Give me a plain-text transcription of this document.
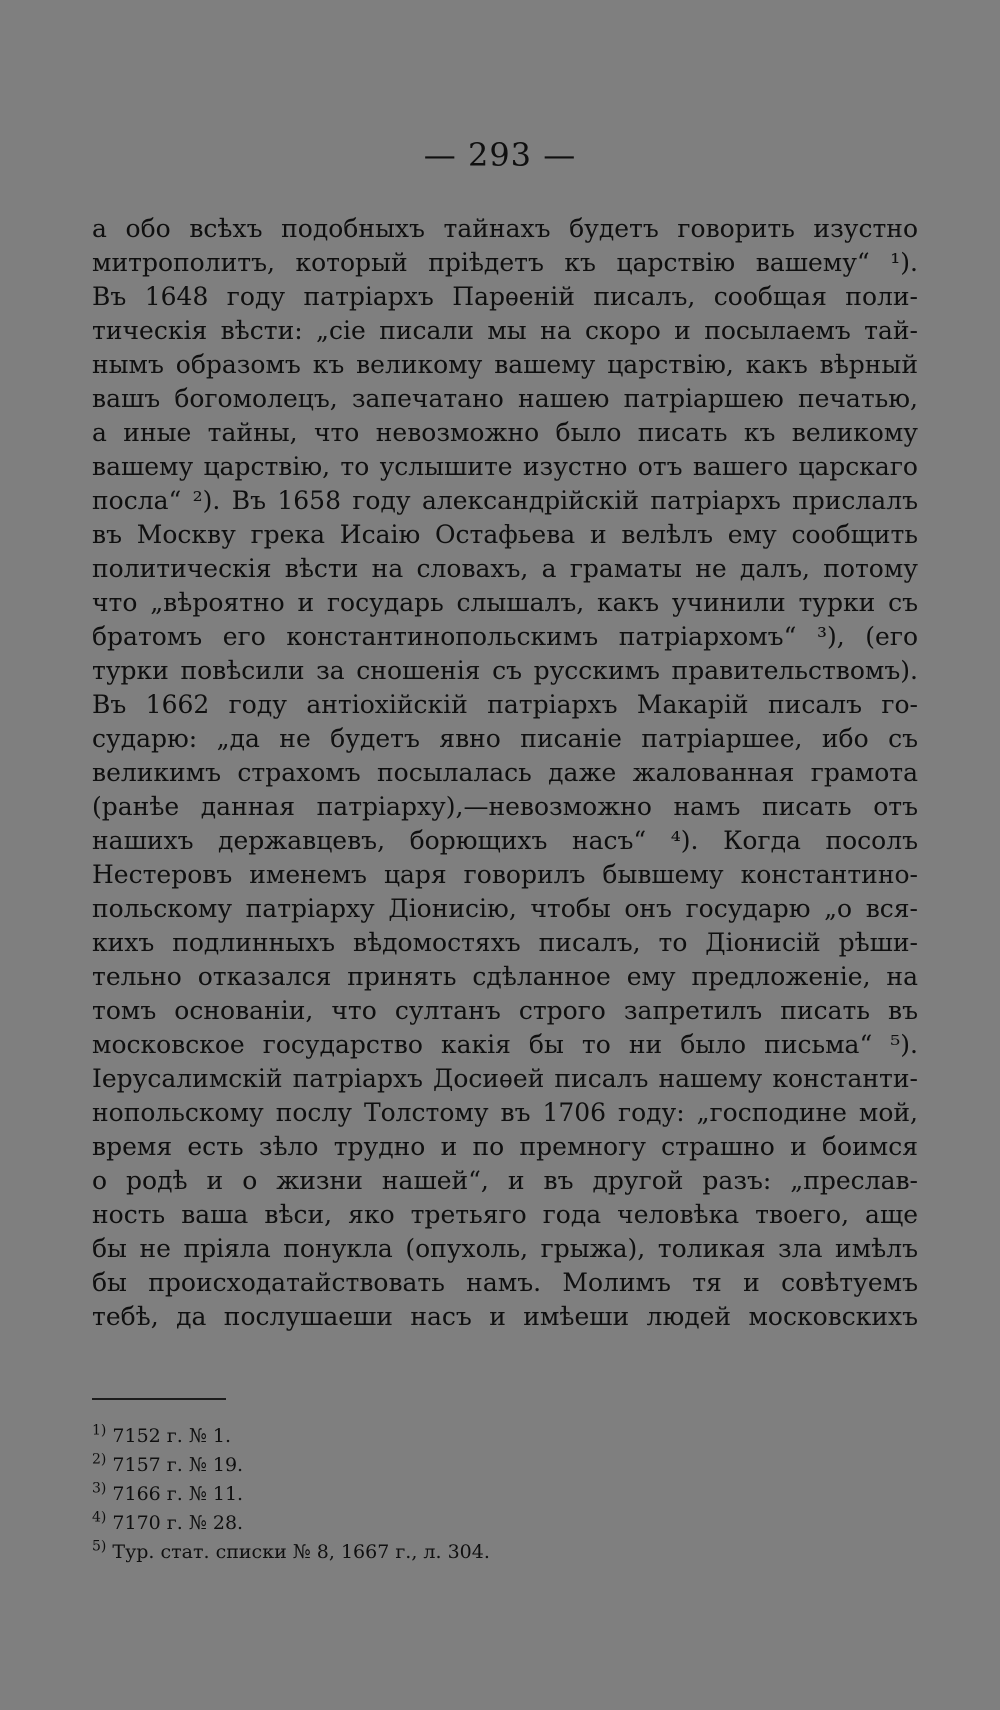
— 293 —
а обо всѣхъ подобныхъ тайнахъ будетъ говорить изустно
митрополитъ, который пріѣдетъ къ царствію вашему“ ¹).
Въ 1648 году патріархъ Парѳеній писалъ, сообщая поли-
тическія вѣсти: „сіе писали мы на скоро и посылаемъ тай-
нымъ образомъ къ великому вашему царствію, какъ вѣрный
вашъ богомолецъ, запечатано нашею патріаршею печатью,
а иные тайны, что невозможно было писать къ великому
вашему царствію, то услышите изустно отъ вашего царскаго
посла“ ²). Въ 1658 году александрійскій патріархъ прислалъ
въ Москву грека Исаію Остафьева и велѣлъ ему сообщить
политическія вѣсти на словахъ, а граматы не далъ, потому
что „вѣроятно и государь слышалъ, какъ учинили турки съ
братомъ его константинопольскимъ патріархомъ“ ³), (его
турки повѣсили за сношенія съ русскимъ правительствомъ).
Въ 1662 году антіохійскій патріархъ Макарій писалъ го-
сударю: „да не будетъ явно писаніе патріаршее, ибо съ
великимъ страхомъ посылалась даже жалованная грамота
(ранѣе данная патріарху),—невозможно намъ писать отъ
нашихъ державцевъ, борющихъ насъ“ ⁴). Когда посолъ
Нестеровъ именемъ царя говорилъ бывшему константино-
польскому патріарху Діонисію, чтобы онъ государю „о вся-
кихъ подлинныхъ вѣдомостяхъ писалъ, то Діонисій рѣши-
тельно отказался принять сдѣланное ему предложеніе, на
томъ основаніи, что султанъ строго запретилъ писать въ
московское государство какія бы то ни было письма“ ⁵).
Іерусалимскій патріархъ Досиѳей писалъ нашему константи-
нопольскому послу Толстому въ 1706 году: „господине мой,
время есть зѣло трудно и по премногу страшно и боимся
о родѣ и о жизни нашей“, и въ другой разъ: „преслав-
ность ваша вѣси, яко третьяго года человѣка твоего, аще
бы не пріяла понукла (опухоль, грыжа), толикая зла имѣлъ
бы происходатайствовать намъ. Молимъ тя и совѣтуемъ
тебѣ, да послушаеши насъ и имѣеши людей московскихъ
$^{1)}$ 7152 г. № 1.
$^{2)}$ 7157 г. № 19.
$^{3)}$ 7166 г. № 11.
$^{4)}$ 7170 г. № 28.
$^{5)}$ Тур. стат. списки № 8, 1667 г., л. 304.
